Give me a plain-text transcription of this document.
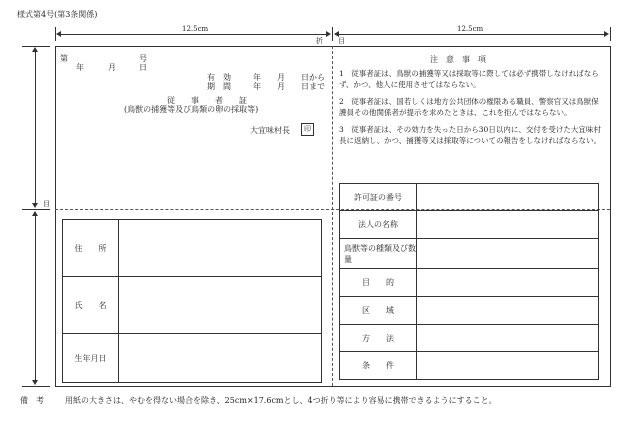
様式第4号(第3条関係)
12.5cm	12.5cm
折 目
目
第	号
年	月	日
有　効
期　間
年　　月　　日から
年　　月　　日まで
従　　事　　者　　証
(鳥獣の捕獲等及び鳥類の卵の採取等)
大宜味村長	印
注　意　事　項
1　従事者証は、鳥獣の捕獲等又は採取等に際しては必ず携帯しなければならず、かつ、他人に使用させてはならない。
2　従事者証は、国若しくは地方公共団体の権限ある職員、警察官又は鳥獣保護員その他関係者が提示を求めたときは、これを拒んではならない。
3　従事者証は、その効力を失った日から30日以内に、交付を受けた大宜味村長に返納し、かつ、捕獲等又は採取等についての報告をしなければならない。
住　　所	
氏　　名	
生年月日	
許可証の番号	
法人の名称	
鳥獣等の種類及び数量	
目　　的	
区　　域	
方　　法	
条　　件	
備　考	用紙の大きさは、やむを得ない場合を除き、25cm×17.6cmとし、4つ折り等により容易に携帯できるようにすること。
